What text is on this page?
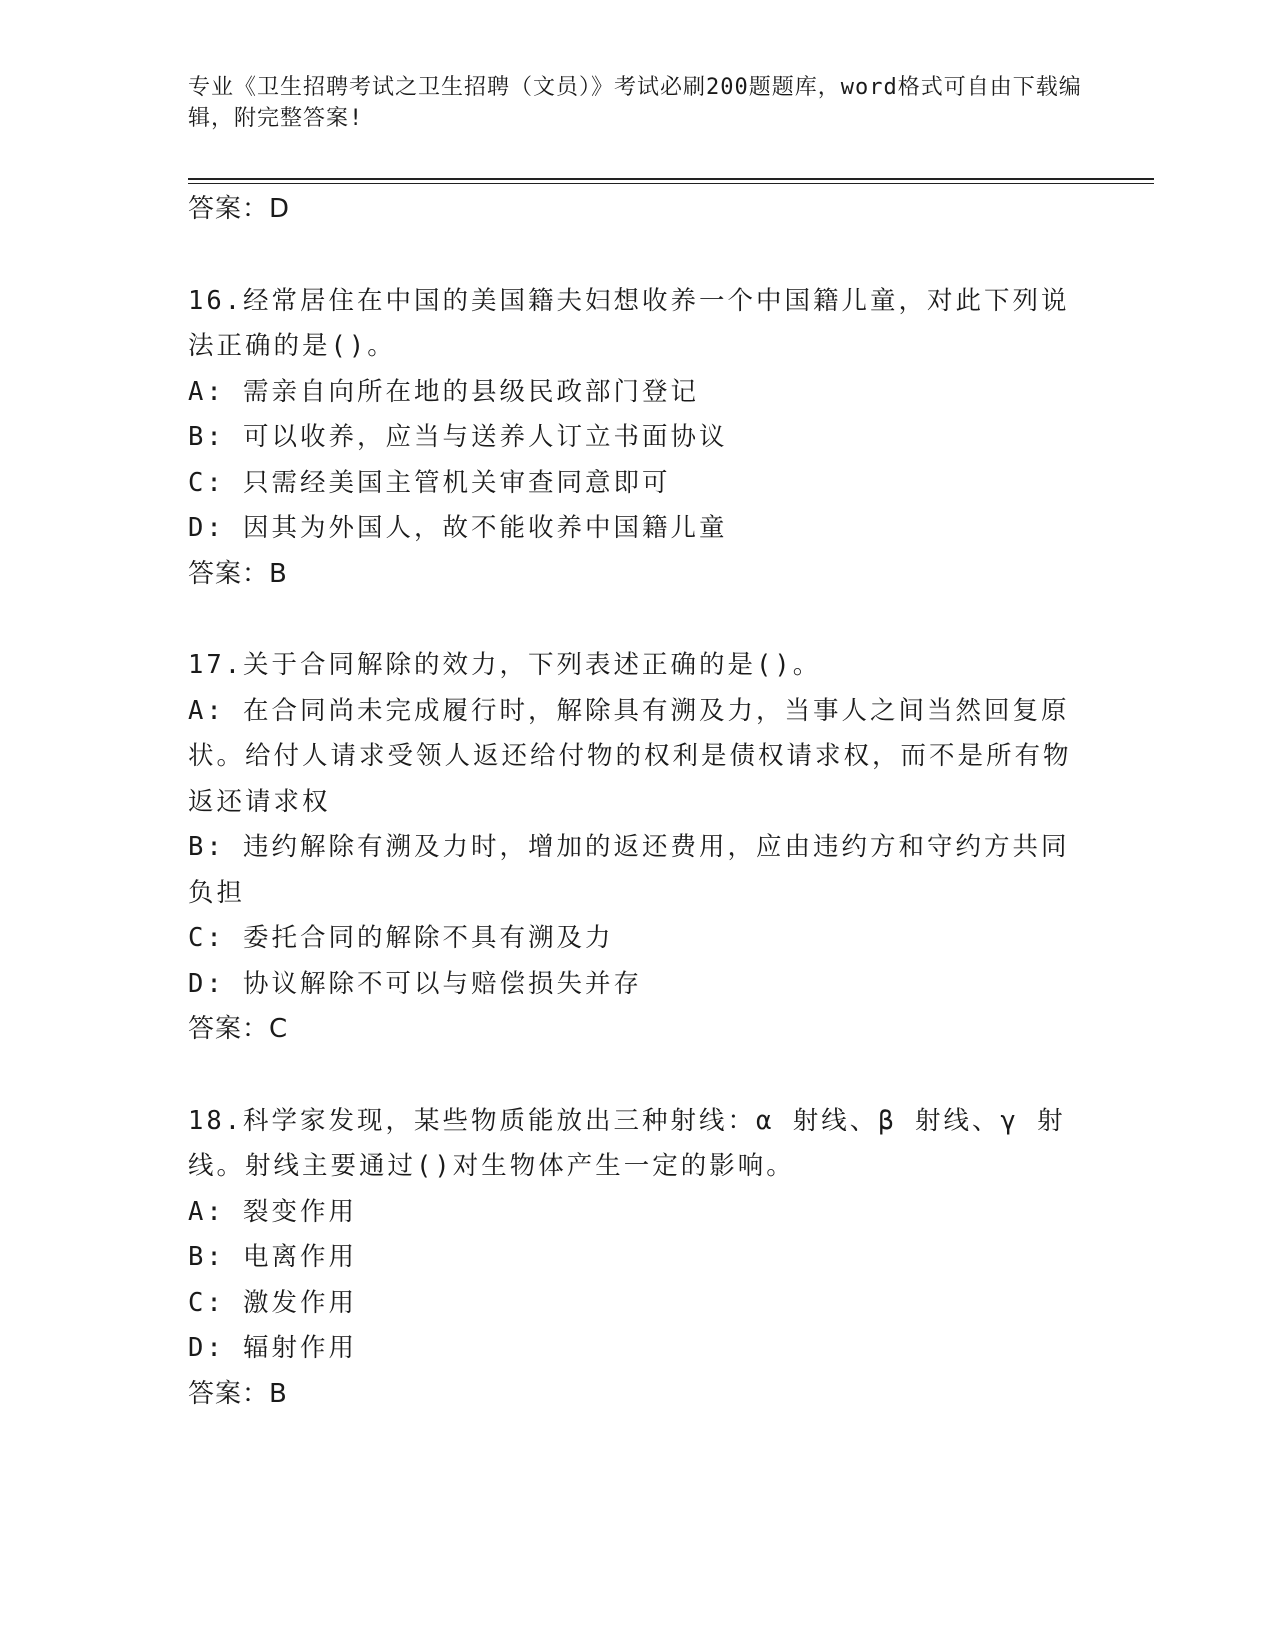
专业《卫生招聘考试之卫生招聘（文员）》考试必刷200题题库，word格式可自由下载编辑，附完整答案!

答案：D

16.经常居住在中国的美国籍夫妇想收养一个中国籍儿童，对此下列说法正确的是()。

A: 需亲自向所在地的县级民政部门登记

B: 可以收养，应当与送养人订立书面协议

C: 只需经美国主管机关审查同意即可

D: 因其为外国人，故不能收养中国籍儿童

答案：B

17.关于合同解除的效力，下列表述正确的是()。

A: 在合同尚未完成履行时，解除具有溯及力，当事人之间当然回复原状。给付人请求受领人返还给付物的权利是债权请求权，而不是所有物返还请求权

B: 违约解除有溯及力时，增加的返还费用，应由违约方和守约方共同负担

C: 委托合同的解除不具有溯及力

D: 协议解除不可以与赔偿损失并存

答案：C

18.科学家发现，某些物质能放出三种射线：α 射线、β 射线、γ 射线。射线主要通过()对生物体产生一定的影响。

A: 裂变作用

B: 电离作用

C: 激发作用

D: 辐射作用

答案：B
